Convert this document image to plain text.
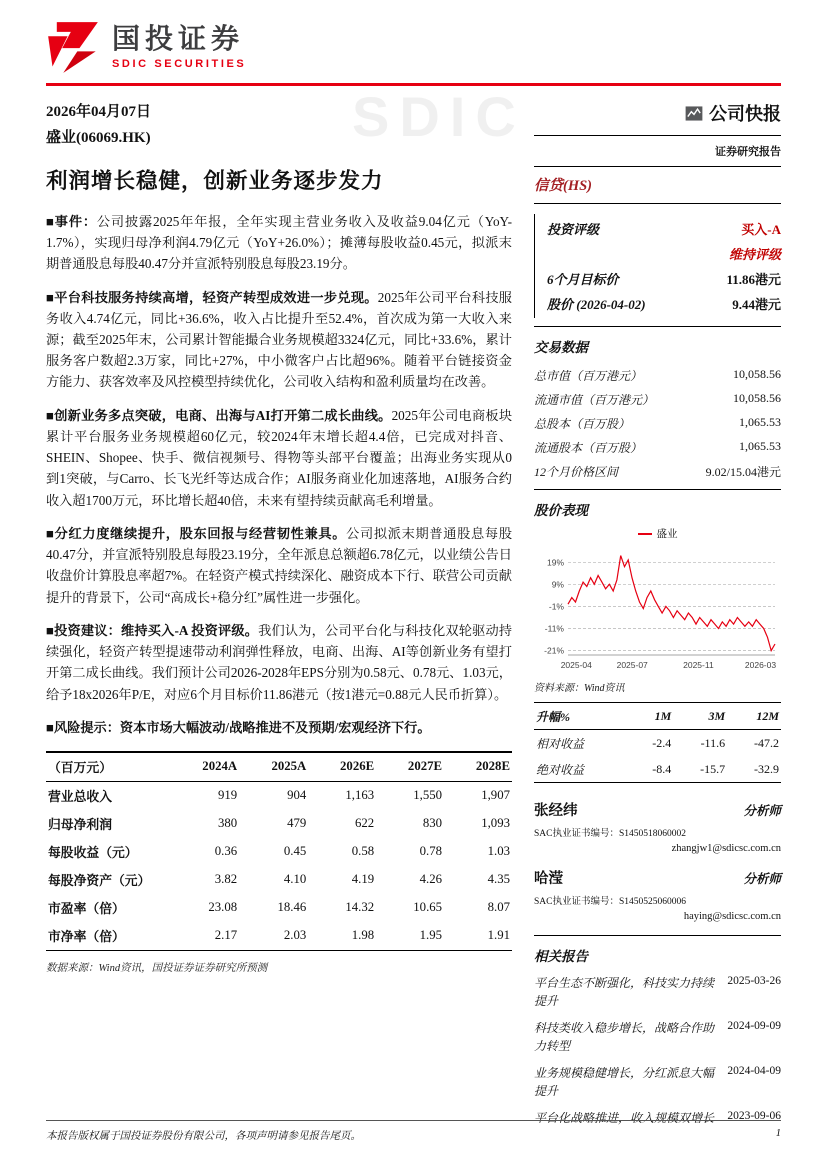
SDIC
国投证券
SDIC SECURITIES
2026年04月07日
盛业(06069.HK)
利润增长稳健，创新业务逐步发力

■事件：公司披露2025年年报，全年实现主营业务收入及收益9.04亿元（YoY-1.7%），实现归母净利润4.79亿元（YoY+26.0%）；摊薄每股收益0.45元，拟派末期普通股息每股40.47分并宣派特别股息每股23.19分。

■平台科技服务持续高增，轻资产转型成效进一步兑现。2025年公司平台科技服务收入4.74亿元，同比+36.6%，收入占比提升至52.4%，首次成为第一大收入来源；截至2025年末，公司累计智能撮合业务规模超3324亿元，同比+33.6%，累计服务客户数超2.3万家，同比+27%，中小微客户占比超96%。随着平台链接资金方能力、获客效率及风控模型持续优化，公司收入结构和盈利质量均在改善。

■创新业务多点突破，电商、出海与AI打开第二成长曲线。2025年公司电商板块累计平台服务业务规模超60亿元，较2024年末增长超4.4倍，已完成对抖音、SHEIN、Shopee、快手、微信视频号、得物等头部平台覆盖；出海业务实现从0到1突破，与Carro、长飞光纤等达成合作；AI服务商业化加速落地，AI服务合约收入超1700万元，环比增长超40倍，未来有望持续贡献高毛利增量。

■分红力度继续提升，股东回报与经营韧性兼具。公司拟派末期普通股息每股40.47分，并宣派特别股息每股23.19分，全年派息总额超6.78亿元，以业绩公告日收盘价计算股息率超7%。在轻资产模式持续深化、融资成本下行、联营公司贡献提升的背景下，公司“高成长+稳分红”属性进一步强化。

■投资建议：维持买入-A 投资评级。我们认为，公司平台化与科技化双轮驱动持续强化，轻资产转型提速带动利润弹性释放，电商、出海、AI等创新业务有望打开第二成长曲线。我们预计公司2026-2028年EPS分别为0.58元、0.78元、1.03元，给予18x2026年P/E，对应6个月目标价11.86港元（按1港元=0.88元人民币折算）。

■风险提示：资本市场大幅波动/战略推进不及预期/宏观经济下行。

（百万元）	2024A	2025A	2026E	2027E	2028E
营业总收入	919	904	1,163	1,550	1,907
归母净利润	380	479	622	830	1,093
每股收益（元）	0.36	0.45	0.58	0.78	1.03
每股净资产（元）	3.82	4.10	4.19	4.26	4.35
市盈率（倍）	23.08	18.46	14.32	10.65	8.07
市净率（倍）	2.17	2.03	1.98	1.95	1.91
数据来源：Wind资讯，国投证券证券研究所预测
公司快报
证券研究报告
信贷(HS)
投资评级	买入-A
维持评级
6个月目标价	11.86港元
股价 (2026-04-02)	9.44港元
交易数据
总市值（百万港元）	10,058.56
流通市值（百万港元）	10,058.56
总股本（百万股）	1,065.53
流通股本（百万股）	1,065.53
12个月价格区间	9.02/15.04港元
股价表现
盛业
19%
9%
-1%
-11%
-21%
2025-04	2025-07	2025-11	2026-03
资料来源：Wind资讯
升幅%	1M	3M	12M
相对收益	-2.4	-11.6	-47.2
绝对收益	-8.4	-15.7	-32.9
张经纬	分析师
SAC执业证书编号：S1450518060002
zhangjw1@sdicsc.com.cn
哈滢	分析师
SAC执业证书编号：S1450525060006
haying@sdicsc.com.cn
相关报告
平台生态不断强化，科技实力持续提升
2025-03-26
科技类收入稳步增长，战略合作助力转型
2024-09-09
业务规模稳健增长，分红派息大幅提升
2024-04-09
平台化战略推进，收入规模双增长 2023-09-06
本报告版权属于国投证券股份有限公司，各项声明请参见报告尾页。	1
